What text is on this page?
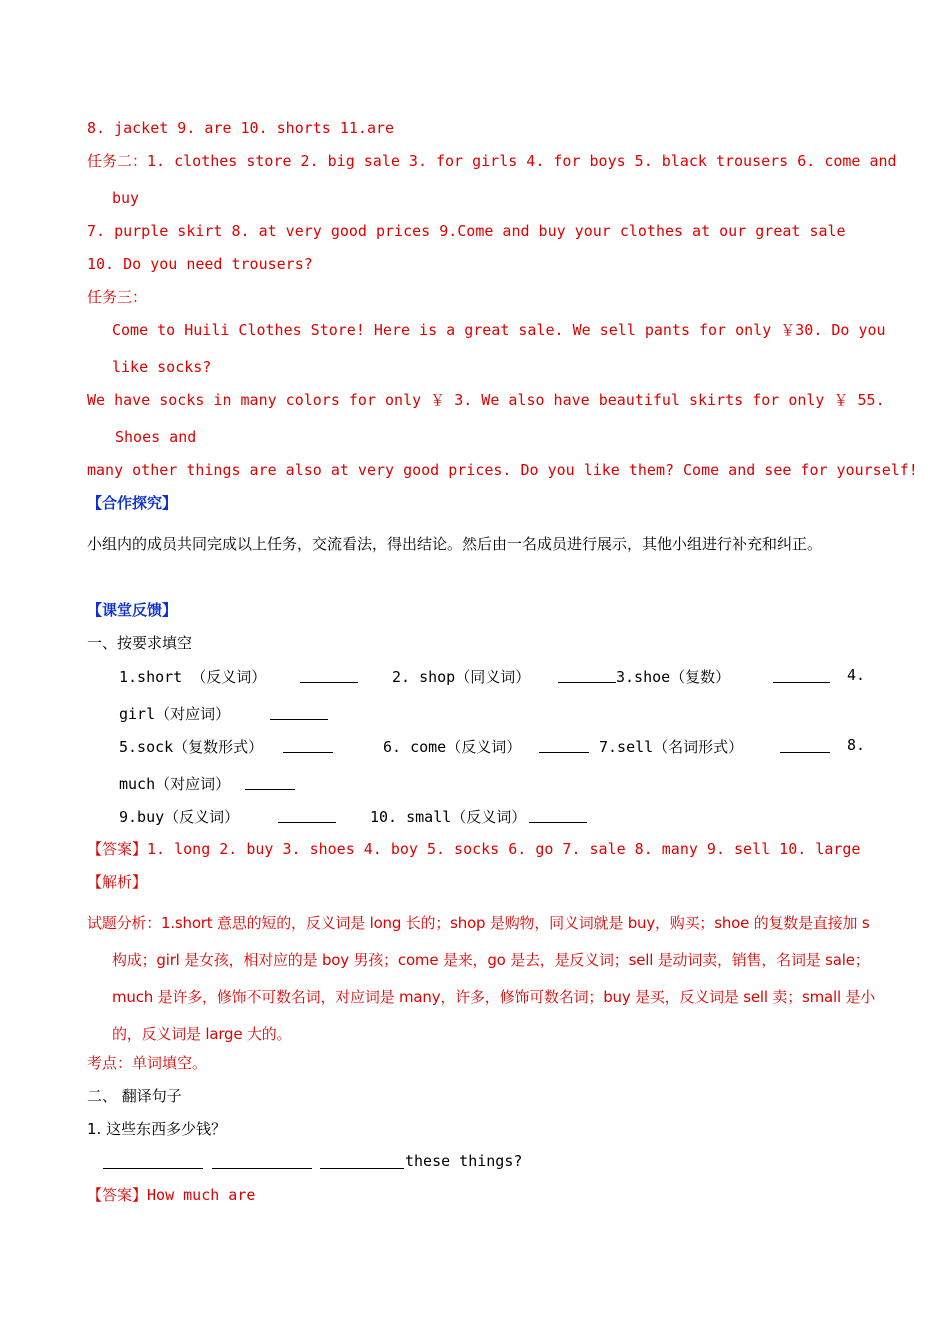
8. jacket 9. are 10. shorts 11.are
任务二：1. clothes store 2. big sale 3. for girls 4. for boys 5. black trousers 6. come and
buy
7. purple skirt 8. at very good prices 9.Come and buy your clothes at our great sale
10. Do you need trousers?
任务三：
Come to Huili Clothes Store! Here is a great sale. We sell pants for only ￥30. Do you
like socks?
We have socks in many colors for only ￥ 3. We also have beautiful skirts for only ￥ 55.
Shoes and
many other things are also at very good prices. Do you like them? Come and see for yourself!
【合作探究】
小组内的成员共同完成以上任务，交流看法，得出结论。然后由一名成员进行展示，其他小组进行补充和纠正。
【课堂反馈】
一、按要求填空
1.short （反义词）	2. shop（同义词）	3.shoe（复数）	4.
girl（对应词）
5.sock（复数形式）	6. come（反义词）	7.sell（名词形式）	8.
much（对应词）
9.buy（反义词）	10. small（反义词）
【答案】1. long 2. buy 3. shoes 4. boy 5. socks 6. go 7. sale 8. many 9. sell 10. large
【解析】
试题分析：1.short 意思的短的，反义词是 long 长的；shop 是购物，同义词就是 buy，购买；shoe 的复数是直接加 s 构成；girl 是女孩，相对应的是 boy 男孩；come 是来，go 是去，是反义词；sell 是动词卖，销售，名词是 sale；much 是许多，修饰不可数名词，对应词是 many，许多，修饰可数名词；buy 是买，反义词是 sell 卖；small 是小的，反义词是 large 大的。
考点：单词填空。
二、 翻译句子
1. 这些东西多少钱？
these things?
【答案】How much are
